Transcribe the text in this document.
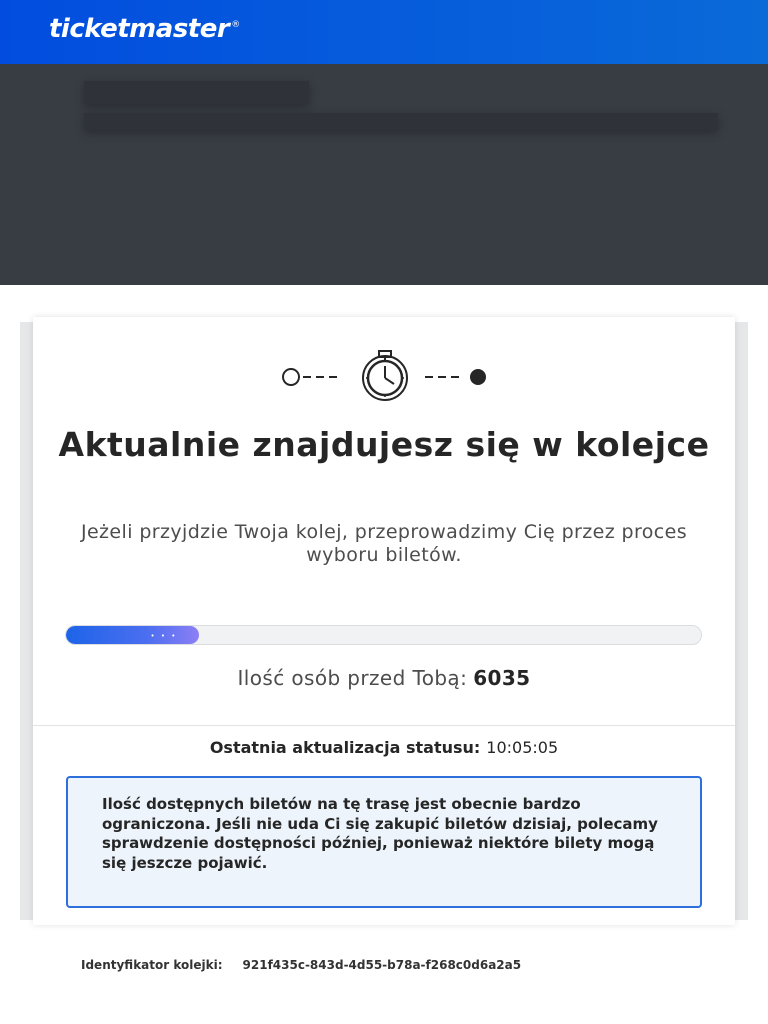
ticketmaster ®
Aktualnie znajdujesz się w kolejce
Jeżeli przyjdzie Twoja kolej, przeprowadzimy Cię przez proces wyboru biletów.
• • •
Ilość osób przed Tobą: 6035
Ostatnia aktualizacja statusu: 10:05:05
Ilość dostępnych biletów na tę trasę jest obecnie bardzo ograniczona. Jeśli nie uda Ci się zakupić biletów dzisiaj, polecamy sprawdzenie dostępności później, ponieważ niektóre bilety mogą się jeszcze pojawić.
Identyfikator kolejki: 921f435c-843d-4d55-b78a-f268c0d6a2a5
